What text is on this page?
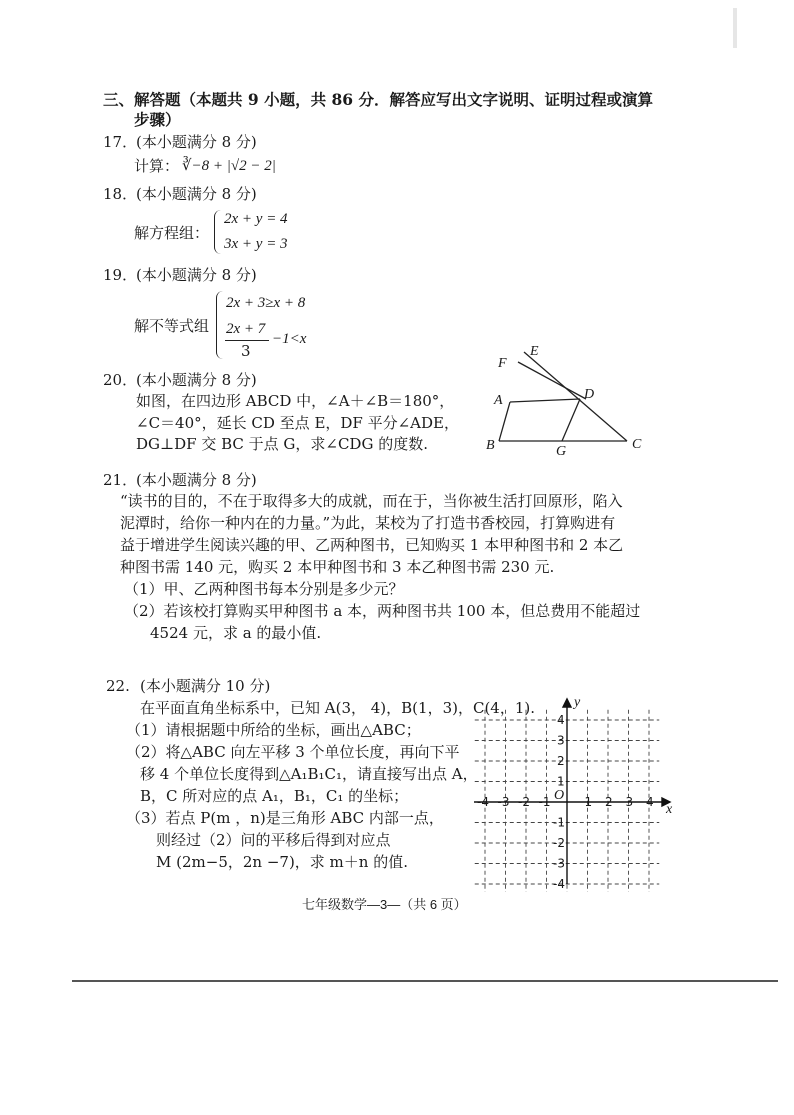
三、解答题（本题共 9 小题，共 86 分．解答应写出文字说明、证明过程或演算
步骤）
17．
(本小题满分 8 分)
计算： ∛−8 + |√2 − 2|
18．
(本小题满分 8 分)
解方程组：
2x + y = 4
3x + y = 3
19．
(本小题满分 8 分)
解不等式组
2x + 3≥x + 8
2x + 7
3
−1<x
20．
(本小题满分 8 分)
如图，在四边形 ABCD 中，∠A＋∠B＝180°，
∠C＝40°，延长 CD 至点 E，DF 平分∠ADE，
DG⊥DF 交 BC 于点 G，求∠CDG 的度数.
F
E
A	D
B	G	C
21．
(本小题满分 8 分)
“读书的目的，不在于取得多大的成就，而在于，当你被生活打回原形，陷入
泥潭时，给你一种内在的力量。”为此，某校为了打造书香校园，打算购进有
益于增进学生阅读兴趣的甲、乙两种图书，已知购买 1 本甲种图书和 2 本乙
种图书需 140 元，购买 2 本甲种图书和 3 本乙种图书需 230 元.
（1）甲、乙两种图书每本分别是多少元？
（2）若该校打算购买甲种图书 a 本，两种图书共 100 本，但总费用不能超过
4524 元，求 a 的最小值.
22. (本小题满分 10 分)
在平面直角坐标系中，已知 A(3， 4)，B(1，3)，C(4，1).
（1）请根据题中所给的坐标，画出△ABC；
（2）将△ABC 向左平移 3 个单位长度，再向下平
移 4 个单位长度得到△A₁B₁C₁，请直接写出点 A，
B，C 所对应的点 A₁，B₁，C₁ 的坐标；
（3）若点 P(m ，n)是三角形 ABC 内部一点，
则经过（2）问的平移后得到对应点
M (2m−5，2n −7)，求 m＋n 的值.
-4 -3 -2 -1	1 2 3 4
4
3
2
1
-1
-2
-3
-4
y
x
O
七年级数学—3—（共 6 页）
